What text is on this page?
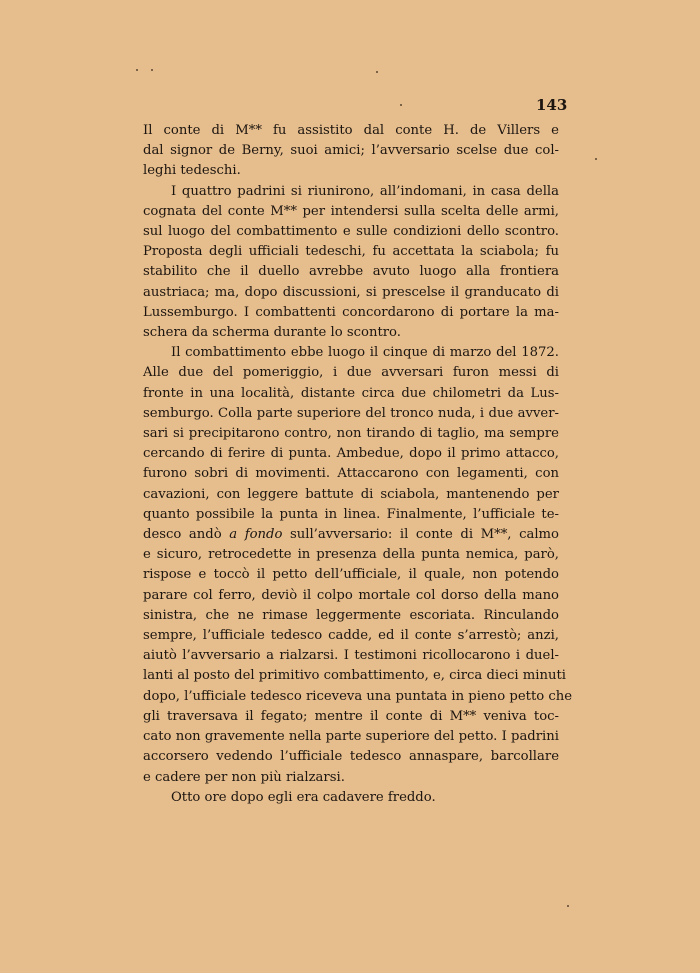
143
Il conte di M** fu assistito dal conte H. de Villers e
dal signor de Berny, suoi amici; l’avversario scelse due col-
leghi tedeschi.
I quattro padrini si riunirono, all’indomani, in casa della
cognata del conte M** per intendersi sulla scelta delle armi,
sul luogo del combattimento e sulle condizioni dello scontro.
Proposta degli ufficiali tedeschi, fu accettata la sciabola; fu
stabilito che il duello avrebbe avuto luogo alla frontiera
austriaca; ma, dopo discussioni, si prescelse il granducato di
Lussemburgo. I combattenti concordarono di portare la ma-
schera da scherma durante lo scontro.
Il combattimento ebbe luogo il cinque di marzo del 1872.
Alle due del pomeriggio, i due avversari furon messi di
fronte in una località, distante circa due chilometri da Lus-
semburgo. Colla parte superiore del tronco nuda, i due avver-
sari si precipitarono contro, non tirando di taglio, ma sempre
cercando di ferire di punta. Ambedue, dopo il primo attacco,
furono sobri di movimenti. Attaccarono con legamenti, con
cavazioni, con leggere battute di sciabola, mantenendo per
quanto possibile la punta in linea. Finalmente, l’ufficiale te-
desco andò a fondo sull’avversario: il conte di M**, calmo
e sicuro, retrocedette in presenza della punta nemica, parò,
rispose e toccò il petto dell’ufficiale, il quale, non potendo
parare col ferro, deviò il colpo mortale col dorso della mano
sinistra, che ne rimase leggermente escoriata. Rinculando
sempre, l’ufficiale tedesco cadde, ed il conte s’arrestò; anzi,
aiutò l’avversario a rialzarsi. I testimoni ricollocarono i duel-
lanti al posto del primitivo combattimento, e, circa dieci minuti
dopo, l’ufficiale tedesco riceveva una puntata in pieno petto che
gli traversava il fegato; mentre il conte di M** veniva toc-
cato non gravemente nella parte superiore del petto. I padrini
accorsero vedendo l’ufficiale tedesco annaspare, barcollare
e cadere per non più rialzarsi.
Otto ore dopo egli era cadavere freddo.
